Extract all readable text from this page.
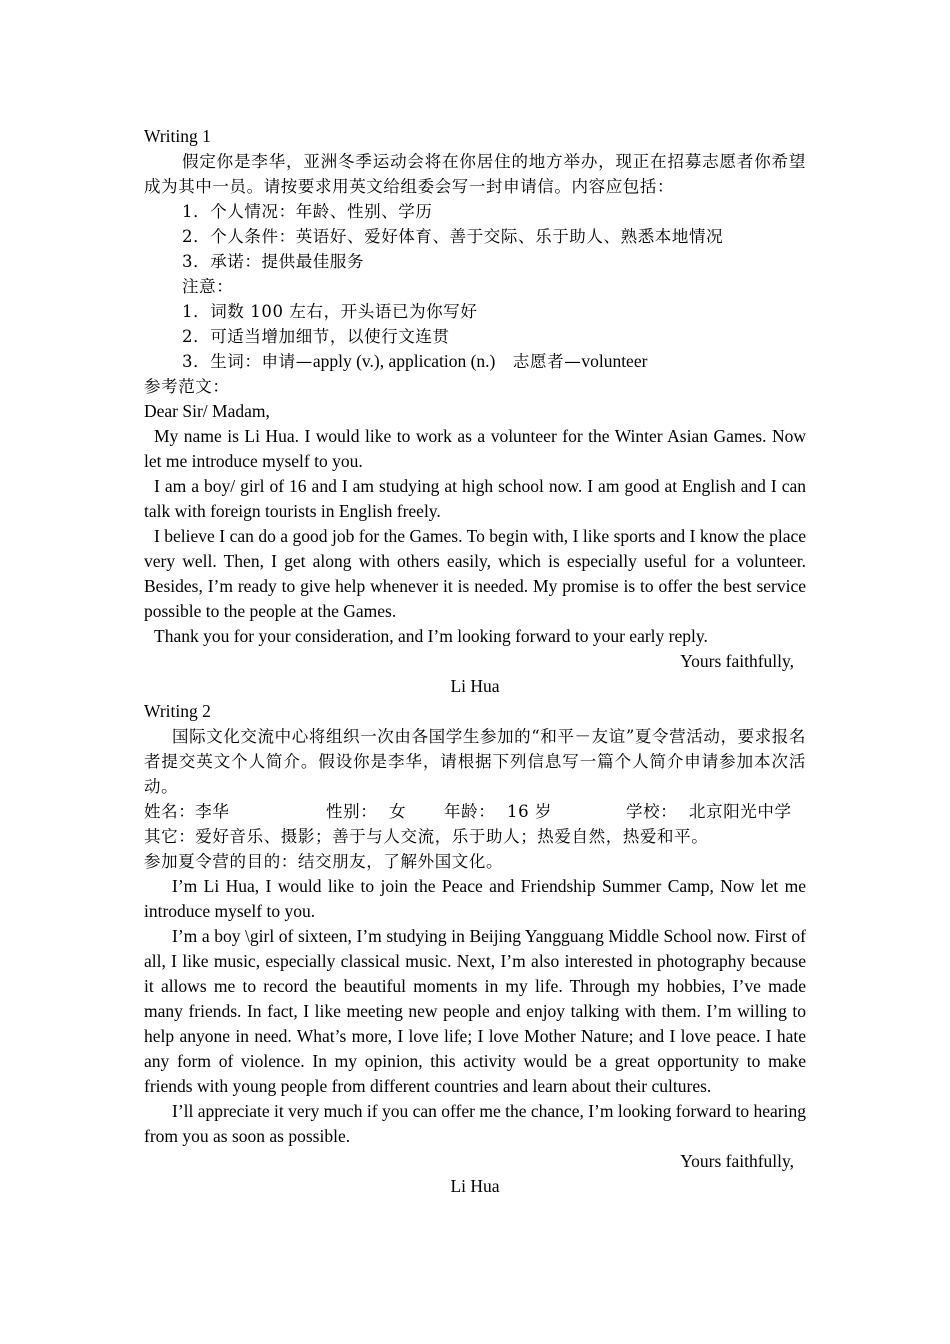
Writing 1

假定你是李华，亚洲冬季运动会将在你居住的地方举办，现正在招募志愿者你希望成为其中一员。请按要求用英文给组委会写一封申请信。内容应包括：

1．个人情况：年龄、性别、学历

2．个人条件：英语好、爱好体育、善于交际、乐于助人、熟悉本地情况

3．承诺：提供最佳服务

注意：

1．词数 100 左右，开头语已为你写好

2．可适当增加细节，以使行文连贯

3．生词：申请—apply (v.), application (n.) 志愿者—volunteer

参考范文：

Dear Sir/ Madam,

My name is Li Hua. I would like to work as a volunteer for the Winter Asian Games. Now let me introduce myself to you.

I am a boy/ girl of 16 and I am studying at high school now. I am good at English and I can talk with foreign tourists in English freely.

I believe I can do a good job for the Games. To begin with, I like sports and I know the place very well. Then, I get along with others easily, which is especially useful for a volunteer. Besides, I’m ready to give help whenever it is needed. My promise is to offer the best service possible to the people at the Games.

Thank you for your consideration, and I’m looking forward to your early reply.

Yours faithfully,

Li Hua

Writing 2

国际文化交流中心将组织一次由各国学生参加的“和平－友谊”夏令营活动，要求报名者提交英文个人简介。假设你是李华，请根据下列信息写一篇个人简介申请参加本次活动。

姓名：李华	性别：  女	年龄：  16 岁	学校：  北京阳光中学

其它：爱好音乐、摄影；善于与人交流，乐于助人；热爱自然，热爱和平。

参加夏令营的目的：结交朋友，了解外国文化。

I’m Li Hua, I would like to join the Peace and Friendship Summer Camp, Now let me introduce myself to you.

I’m a boy \girl of sixteen, I’m studying in Beijing Yangguang Middle School now. First of all, I like music, especially classical music. Next, I’m also interested in photography because it allows me to record the beautiful moments in my life. Through my hobbies, I’ve made many friends. In fact, I like meeting new people and enjoy talking with them. I’m willing to help anyone in need. What’s more, I love life; I love Mother Nature; and I love peace. I hate any form of violence. In my opinion, this activity would be a great opportunity to make friends with young people from different countries and learn about their cultures.

I’ll appreciate it very much if you can offer me the chance, I’m looking forward to hearing from you as soon as possible.

Yours faithfully,

Li Hua
